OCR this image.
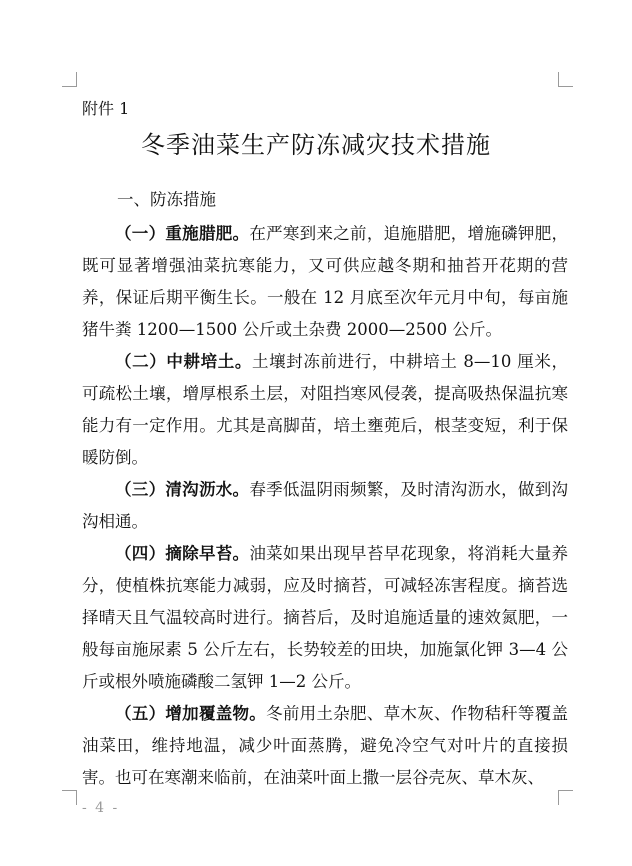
附件 1
冬季油菜生产防冻减灾技术措施
一、防冻措施

（一）重施腊肥。在严寒到来之前，追施腊肥，增施磷钾肥，既可显著增强油菜抗寒能力，又可供应越冬期和抽苔开花期的营养，保证后期平衡生长。一般在 12 月底至次年元月中旬，每亩施猪牛粪 1200—1500 公斤或土杂费 2000—2500 公斤。

（二）中耕培土。土壤封冻前进行，中耕培土 8—10 厘米，可疏松土壤，增厚根系土层，对阻挡寒风侵袭，提高吸热保温抗寒能力有一定作用。尤其是高脚苗，培土壅蔸后，根茎变短，利于保暖防倒。

（三）清沟沥水。春季低温阴雨频繁，及时清沟沥水，做到沟沟相通。

（四）摘除早苔。油菜如果出现早苔早花现象，将消耗大量养分，使植株抗寒能力减弱，应及时摘苔，可减轻冻害程度。摘苔选择晴天且气温较高时进行。摘苔后，及时追施适量的速效氮肥，一般每亩施尿素 5 公斤左右，长势较差的田块，加施氯化钾 3—4 公斤或根外喷施磷酸二氢钾 1—2 公斤。

（五）增加覆盖物。冬前用土杂肥、草木灰、作物秸秆等覆盖油菜田，维持地温，减少叶面蒸腾，避免冷空气对叶片的直接损害。也可在寒潮来临前，在油菜叶面上撒一层谷壳灰、草木灰、

- 4 -
